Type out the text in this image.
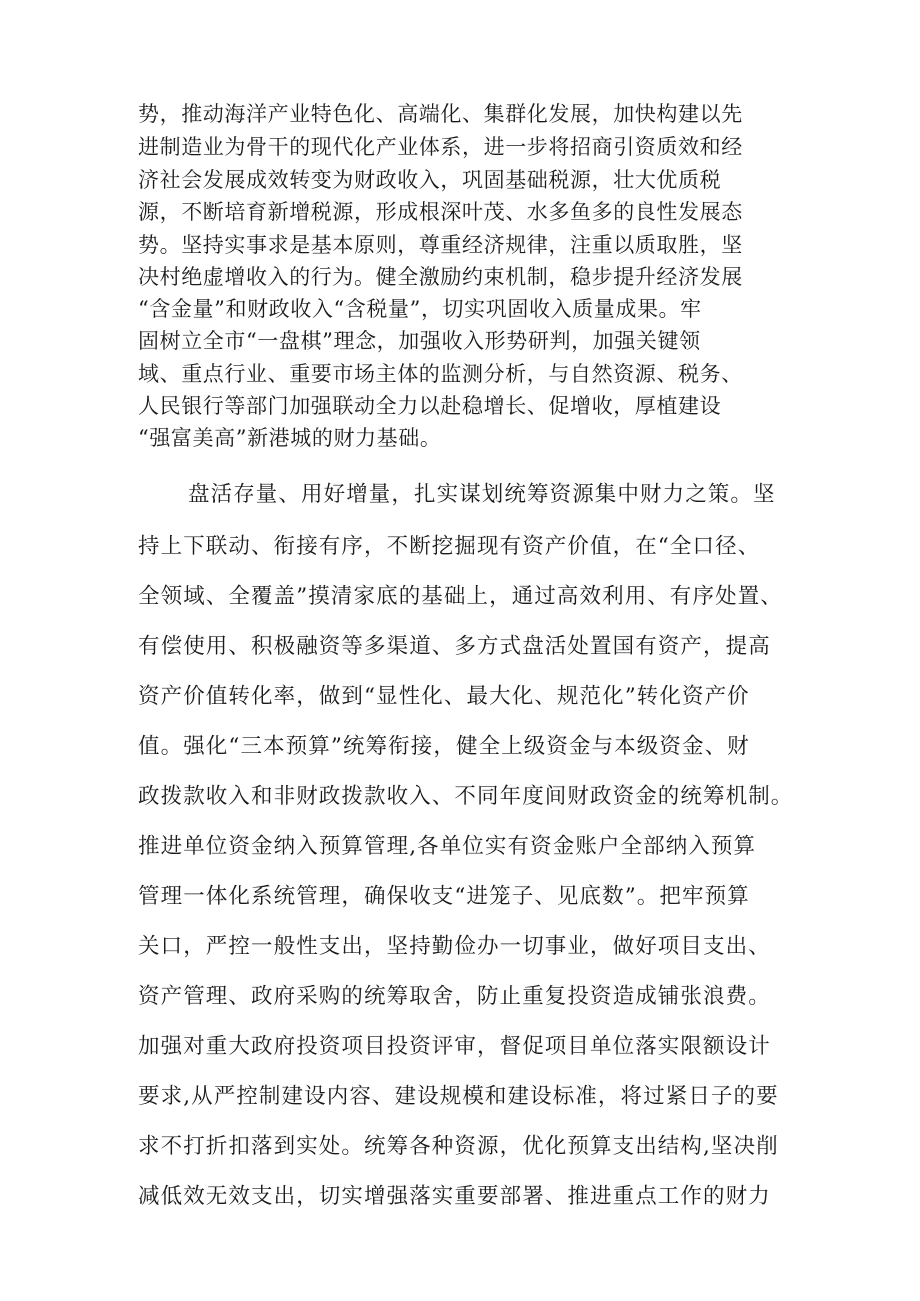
势，推动海洋产业特色化、高端化、集群化发展，加快构建以先

进制造业为骨干的现代化产业体系，进一步将招商引资质效和经

济社会发展成效转变为财政收入，巩固基础税源，壮大优质税

源，不断培育新增税源，形成根深叶茂、水多鱼多的良性发展态

势。坚持实事求是基本原则，尊重经济规律，注重以质取胜，坚

决村绝虚增收入的行为。健全激励约束机制，稳步提升经济发展

“含金量”和财政收入“含税量”，切实巩固收入质量成果。牢

固树立全市“一盘棋”理念，加强收入形势研判，加强关键领

域、重点行业、重要市场主体的监测分析，与自然资源、税务、

人民银行等部门加强联动全力以赴稳增长、促增收，厚植建设

“强富美高”新港城的财力基础。

盘活存量、用好增量，扎实谋划统筹资源集中财力之策。坚

持上下联动、衔接有序，不断挖掘现有资产价值，在“全口径、

全领域、全覆盖”摸清家底的基础上，通过高效利用、有序处置、

有偿使用、积极融资等多渠道、多方式盘活处置国有资产，提高

资产价值转化率，做到“显性化、最大化、规范化”转化资产价

值。强化“三本预算”统筹衔接，健全上级资金与本级资金、财

政拨款收入和非财政拨款收入、不同年度间财政资金的统筹机制。

推进单位资金纳入预算管理,各单位实有资金账户全部纳入预算

管理一体化系统管理，确保收支“进笼子、见底数”。把牢预算

关口，严控一般性支出，坚持勤俭办一切事业，做好项目支出、

资产管理、政府采购的统筹取舍，防止重复投资造成铺张浪费。

加强对重大政府投资项目投资评审，督促项目单位落实限额设计

要求,从严控制建设内容、建设规模和建设标准，将过紧日子的要

求不打折扣落到实处。统筹各种资源，优化预算支出结构,坚决削

减低效无效支出，切实增强落实重要部署、推进重点工作的财力
